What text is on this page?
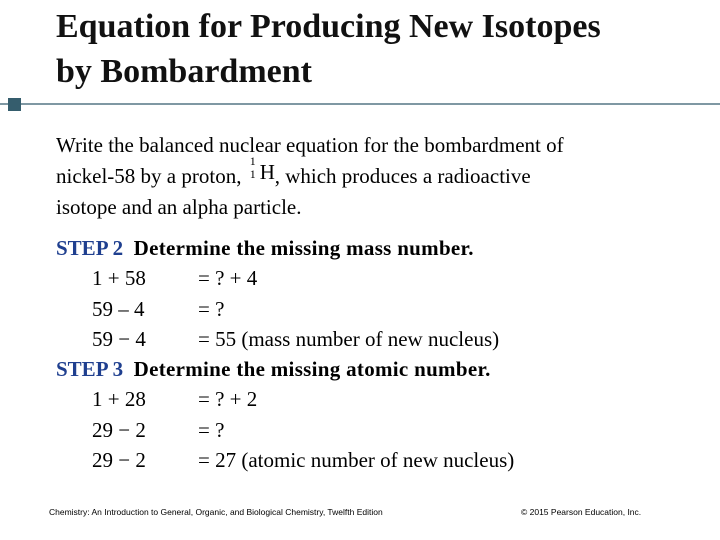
Equation for Producing New Isotopes
by Bombardment
Write the balanced nuclear equation for the bombardment of
nickel-58 by a proton,
1
1 H , which produces a radioactive
isotope and an alpha particle.
STEP 2 Determine the missing mass number.
1 + 58 = ? + 4
59 – 4	= ?
59 − 4 = 55 (mass number of new nucleus)
STEP 3 Determine the missing atomic number.
1 + 28 = ? + 2
29 − 2 = ?
29 − 2 = 27 (atomic number of new nucleus)
Chemistry: An Introduction to General, Organic, and Biological Chemistry, Twelfth Edition	© 2015 Pearson Education, Inc.
